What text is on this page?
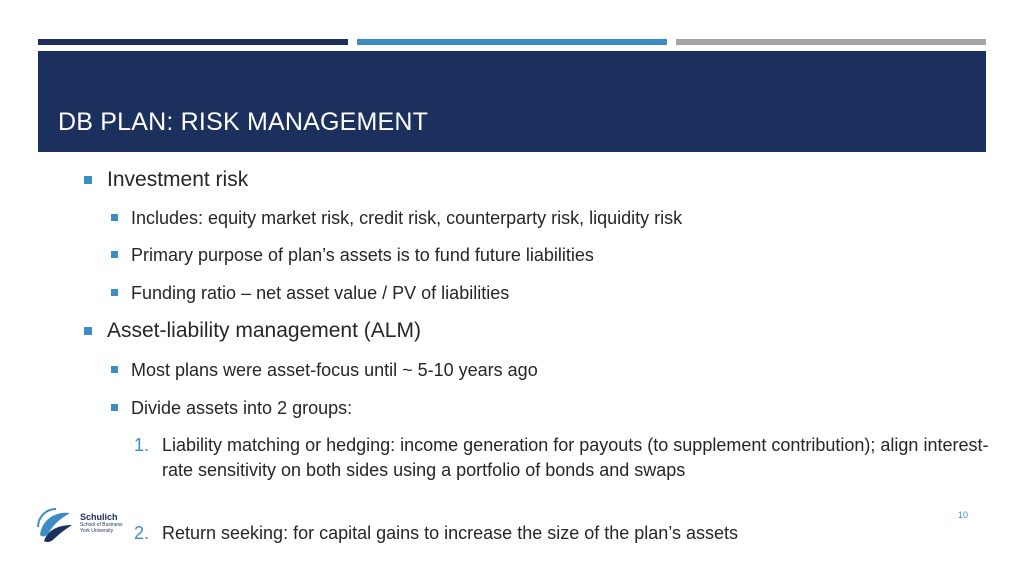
DB PLAN: RISK MANAGEMENT
Investment risk
Includes: equity market risk, credit risk, counterparty risk, liquidity risk
Primary purpose of plan’s assets is to fund future liabilities
Funding ratio – net asset value / PV of liabilities
Asset-liability management (ALM)
Most plans were asset-focus until ~ 5-10 years ago
Divide assets into 2 groups:
1. Liability matching or hedging: income generation for payouts (to supplement contribution); align interest-rate sensitivity on both sides using a portfolio of bonds and swaps
2. Return seeking: for capital gains to increase the size of the plan’s assets
Schulich
School of Business
York University
10
